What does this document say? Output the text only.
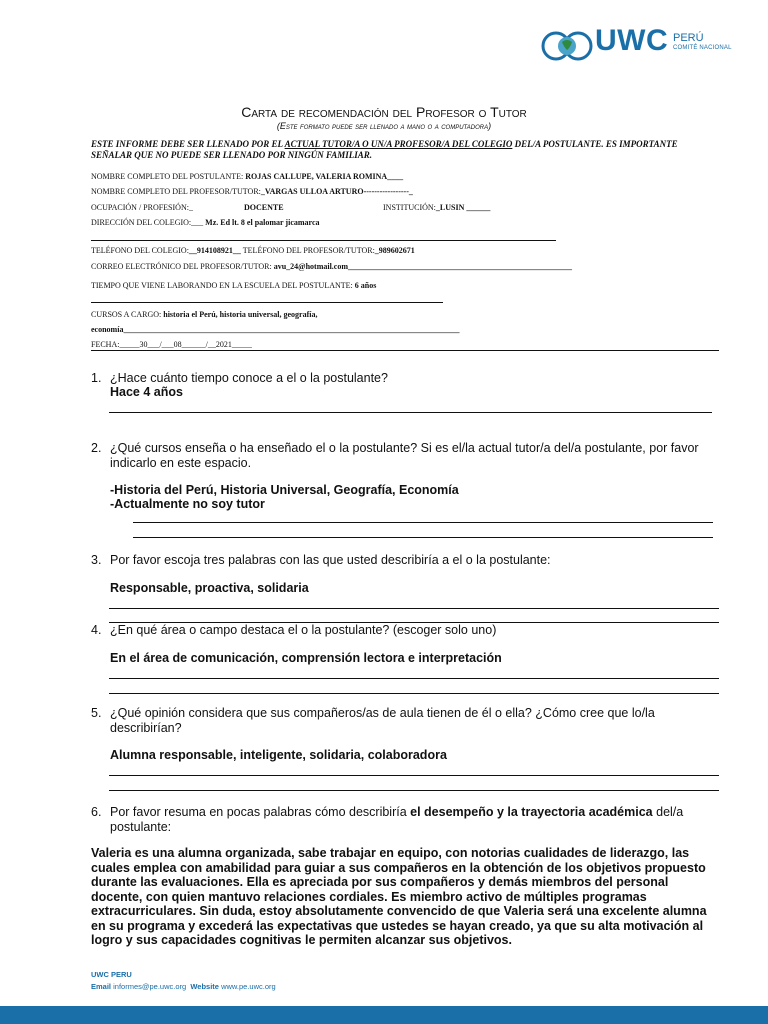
UWC PERÚ
COMITÉ NACIONAL
Carta de recomendación del Profesor o Tutor
(Este formato puede ser llenado a mano o a computadora)
ESTE INFORME DEBE SER LLENADO POR EL ACTUAL TUTOR/A O UN/A PROFESOR/A DEL COLEGIO DEL/A POSTULANTE. ES IMPORTANTE SEÑALAR QUE NO PUEDE SER LLENADO POR NINGÚN FAMILIAR.
NOMBRE COMPLETO DEL POSTULANTE: ROJAS CALLUPE, VALERIA ROMINA____
NOMBRE COMPLETO DEL PROFESOR/TUTOR:_VARGAS ULLOA ARTURO-----------------_
OCUPACIÓN / PROFESIÓN:_	DOCENTE	INSTITUCIÓN:_LUSIN ______
DIRECCIÓN DEL COLEGIO:___ Mz. Ed lt. 8 el palomar jicamarca
TELÉFONO DEL COLEGIO:__914108921__ TELÉFONO DEL PROFESOR/TUTOR:_989602671
CORREO ELECTRÓNICO DEL PROFESOR/TUTOR: avu_24@hotmail.com________________________________________________________
TIEMPO QUE VIENE LABORANDO EN LA ESCUELA DEL POSTULANTE: 6 años
CURSOS A CARGO: historia el Perú, historia universal, geografía,
economía____________________________________________________________________________________
FECHA:_____30___/___08______/__2021_____
1. ¿Hace cuánto tiempo conoce a el o la postulante?
Hace 4 años
2. ¿Qué cursos enseña o ha enseñado el o la postulante? Si es el/la actual tutor/a del/a postulante, por favor indicarlo en este espacio.
-Historia del Perú, Historia Universal, Geografía, Economía
-Actualmente no soy tutor
3. Por favor escoja tres palabras con las que usted describiría a el o la postulante:
Responsable, proactiva, solidaria
4. ¿En qué área o campo destaca el o la postulante? (escoger solo uno)
En el área de comunicación, comprensión lectora e interpretación
5. ¿Qué opinión considera que sus compañeros/as de aula tienen de él o ella? ¿Cómo cree que lo/la describirían?
Alumna responsable, inteligente, solidaria, colaboradora
6. Por favor resuma en pocas palabras cómo describiría el desempeño y la trayectoria académica del/a postulante:
Valeria es una alumna organizada, sabe trabajar en equipo, con notorias cualidades de liderazgo, las cuales emplea con amabilidad para guiar a sus compañeros en la obtención de los objetivos propuesto durante las evaluaciones. Ella es apreciada por sus compañeros y demás miembros del personal docente, con quien mantuvo relaciones cordiales. Es miembro activo de múltiples programas extracurriculares. Sin duda, estoy absolutamente convencido de que Valeria será una excelente alumna en su programa y excederá las expectativas que ustedes se hayan creado, ya que su alta motivación al logro y sus capacidades cognitivas le permiten alcanzar sus objetivos.
UWC PERU
Email informes@pe.uwc.org Website www.pe.uwc.org
